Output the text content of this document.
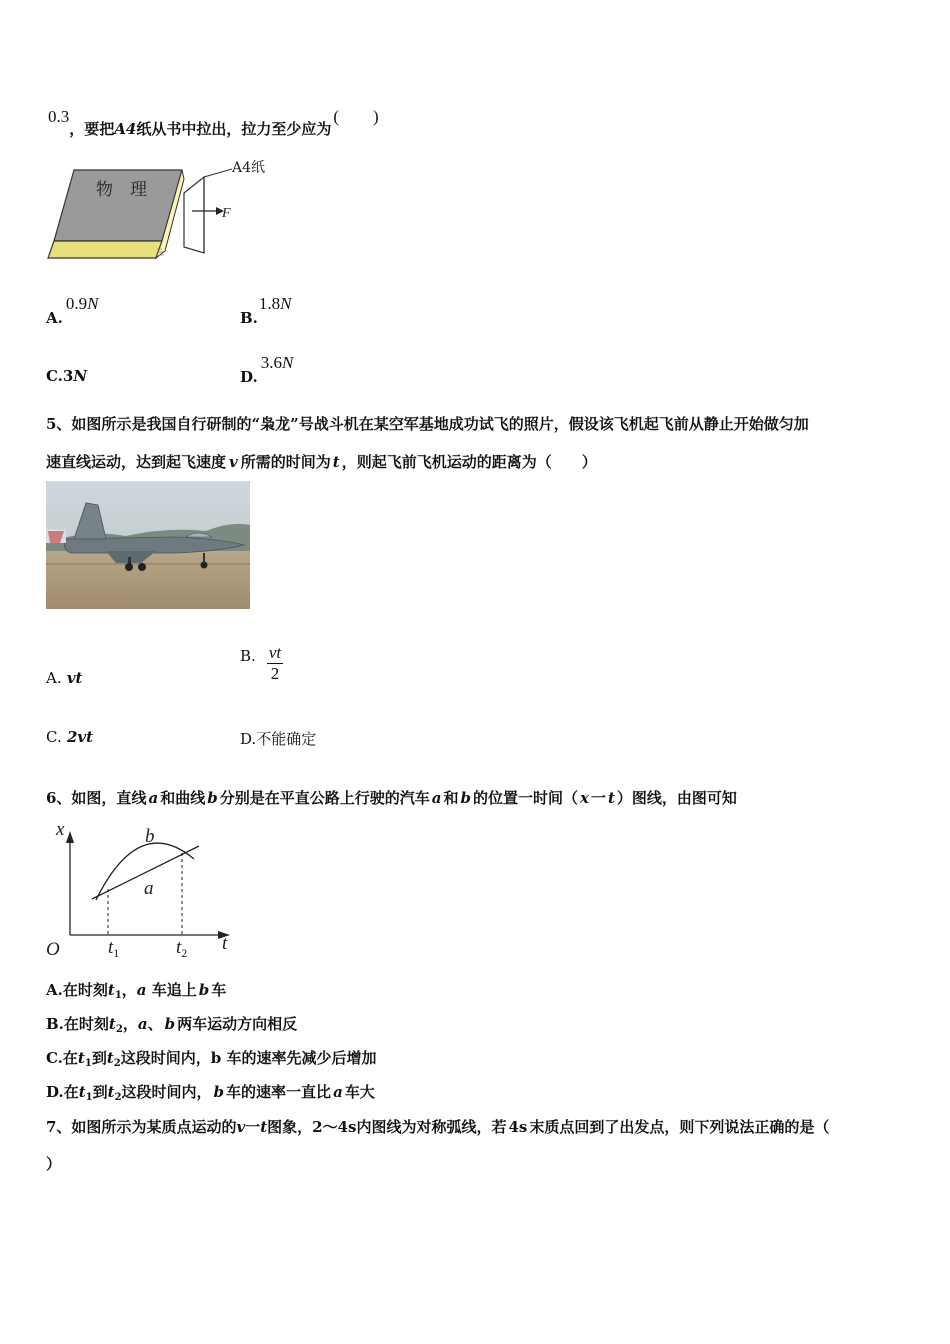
0.3，要把A4纸从书中拉出，拉力至少应为(　　)
物　理
A4纸
F
A.0.9N
B.1.8N
C.3N	D.3.6N
5、如图所示是我国自行研制的“枭龙”号战斗机在某空军基地成功试飞的照片，假设该飞机起飞前从静止开始做匀加
速直线运动，达到起飞速度 v 所需的时间为 t ，则起飞前飞机运动的距离为（　　）
A. vt
B. $\frac{vt}{2}$
C. 2vt	D.不能确定
6、如图，直线 a 和曲线 b 分别是在平直公路上行驶的汽车 a 和 b 的位置一时间（ x 一 t ）图线，由图可知
x
t
O
b
a
$t_1$	$t_2$
A.在时刻$t_1$，a 车追上 b 车
B.在时刻$t_2$，a、 b 两车运动方向相反
C.在$t_1$到$t_2$这段时间内，b 车的速率先减少后增加
D.在$t_1$到$t_2$这段时间内， b 车的速率一直比 a 车大
7、如图所示为某质点运动的v一t图象，2～4s内图线为对称弧线，若 4s 末质点回到了出发点，则下列说法正确的是（
）
